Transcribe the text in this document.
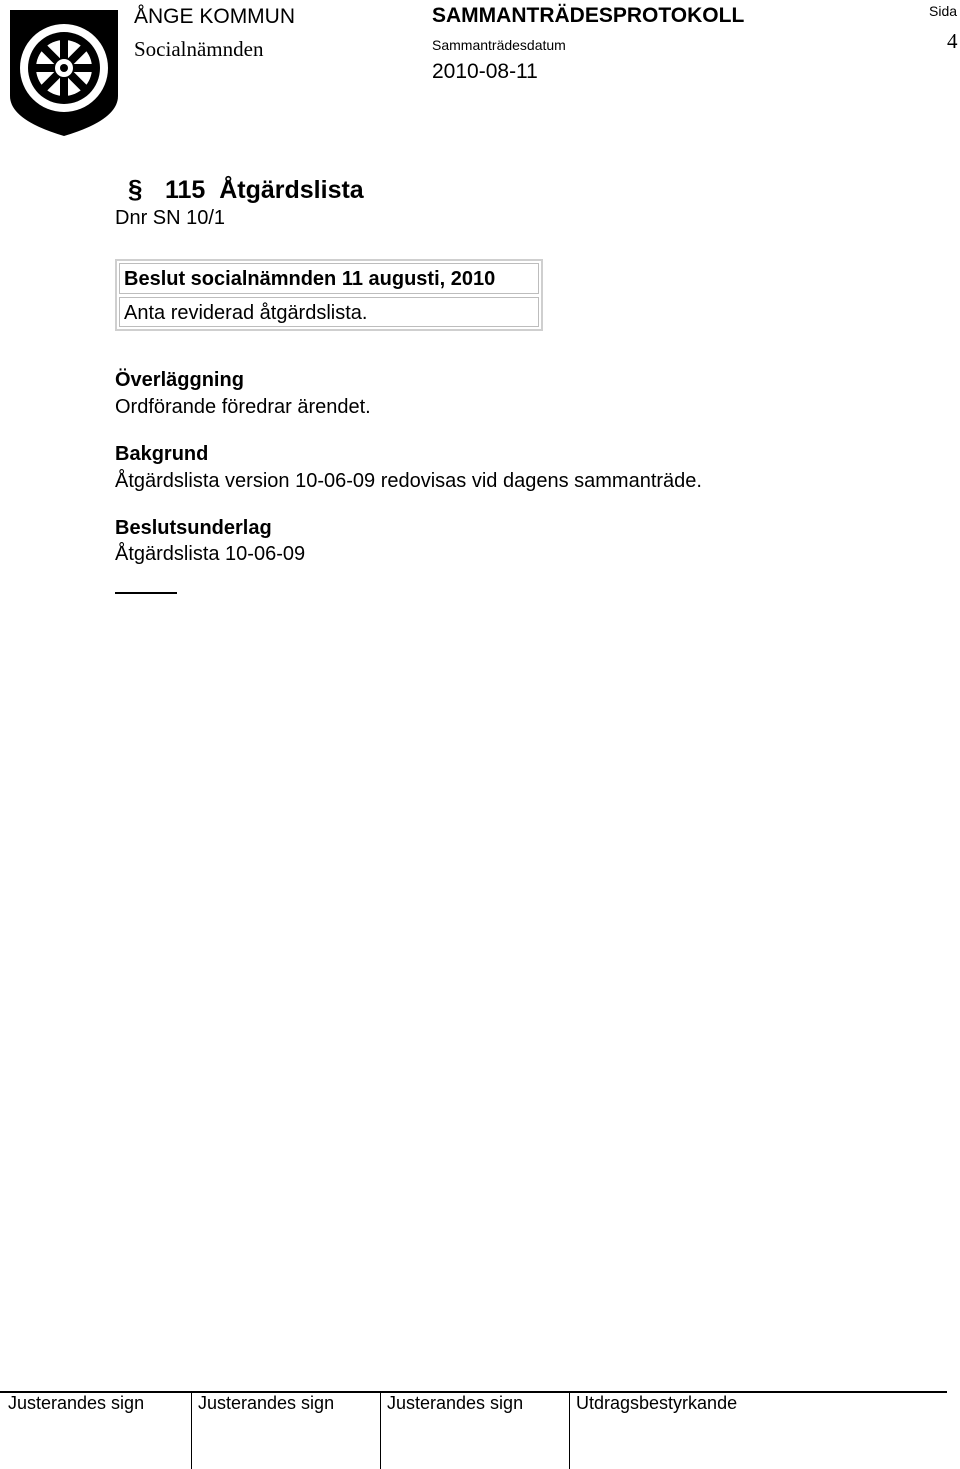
ÅNGE KOMMUN
Socialnämnden
SAMMANTRÄDESPROTOKOLL
Sammanträdesdatum
2010-08-11
Sida
4
§ 115  Åtgärdslista
Dnr SN 10/1
Beslut socialnämnden 11 augusti, 2010
Anta reviderad åtgärdslista.
Överläggning
Ordförande föredrar ärendet.
Bakgrund
Åtgärdslista version 10-06-09 redovisas vid dagens sammanträde.
Beslutsunderlag
Åtgärdslista 10-06-09
Justerandes sign	Justerandes sign	Justerandes sign	Utdragsbestyrkande
